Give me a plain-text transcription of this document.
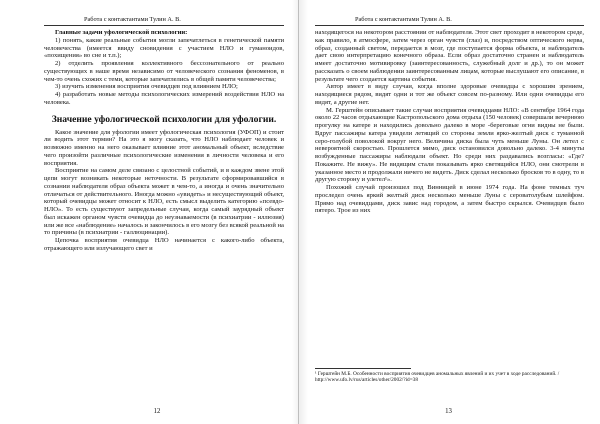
Работа с контактантами Тулин А. В.

Главные задачи уфологической психологии:

1) понять, какие реальные события могли запечатлеться в генетической памяти человечества (имеется ввиду сновидения с участием НЛО и гуманоидов, «похищения» во сне и т.п.);

2) отделить проявления коллективного бессознательного от реально существующих в наше время независимо от человеческого сознания феноменов, в чем-то очень схожих с теми, которые запечатлелись в общей памяти человечества;

3) изучить изменения восприятия очевидцев под влиянием НЛО;

4) разработать новые методы психологических измерений воздействия НЛО на человека.

Значение уфологической психологии для уфологии.

Какое значение для уфологии имеет уфологическая психология (УФОП) и стоит ли водить этот термин? На это я могу сказать, что НЛО наблюдает человек и возможно именно на него оказывает влияние этот аномальный объект, вследствие чего произойти различные психологические изменения в личности человека и его восприятия.

Восприятие на самом деле связано с целостной событий, и в каждом звене этой цепи могут возникать некоторые неточности. В результате сформировавшийся в сознании наблюдателя образ объекта может в чем-то, а иногда и очень значительно отличаться от действительного. Иногда можно «увидеть» и несуществующий объект, который очевидцы может относит к НЛО, есть смысл выделить категорию «псевдо-НЛО». То есть существуют запредельные случаи, когда самый заурядный объект был искажен органом чувств очевидца до неузнаваемости (в психиатрии - иллюзия) или же все «наблюдение» началось и закончилось в его мозгу без всякой реальной на то причины (в психиатрии - галлюцинации).

Цепочка восприятия очевидца НЛО начинается с какого-либо объекта, отражающего или излучающего свет и

12
Работа с контактантами Тулин А. В.

находящегося на некотором расстоянии от наблюдателя. Этот свет проходит в некотором среде, как правило, в атмосфере, затем через орган чувств (глаз) и, посредством оптического нерва, образ, созданный светом, передается в мозг, где поступается форма объекта, и наблюдатель дает свою интерпретацию конечного образа. Если образ достаточно странен и наблюдатель имеет достаточно мотивировку (заинтересованность, служебный долг и др.), то он может рассказать о своем наблюдении заинтересованным лицам, которые выслушают его описание, в результате чего создается картина события.

Автор имеет в виду случаи, когда вполне здоровые очевидцы с хорошим зрением, находящиеся рядом, видят одни и тот же объект совсем по-разному. Или одни очевидцы его видят, а другие нет.

М. Герштейн описывает такие случаи восприятия очевидцами НЛО: «В сентябре 1964 года около 22 часов отдыхающие Кастропольского дома отдыха (150 человек) совершали вечернюю прогулку на катере и находились довольно далеко в море -береговые огни видны не были. Вдруг пассажиры катера увидели летящий со стороны земли ярко-желтый диск с туманной серо-голубой поволокой вокруг него. Величина диска была чуть меньше Луны. Он летел с невероятной скоростью. Прошлется мимо, диск остановился довольно далеко. 3-4 минуты возбужденные пассажиры наблюдали объект. Но среди них раздавались возгласы: «Где? Покажите. Не вижу». Не видящим стали показывать ярко светящийся НЛО, они смотрели в указанное место и продолжали ничего не видеть. Диск сделал несколько бросков то в одну, то в другую сторону и улетел¹».

Похожий случай произошел под Винницей в июне 1974 года. На фоне темных туч проследел очень яркий желтый диск несколько меньше Луны с сероватолубым шлейфом. Прямо над очевидцами, диск завис над городом, а затем быстро скрылся. Очевидцев было пятеро. Трое из них

¹ Герштейн М.Б. Особенности восприятия очевидцев аномальных явлений и их учет в ходе расследований. / http://www.ufo.lv/rus/articles/other/2002/?id=38
13
